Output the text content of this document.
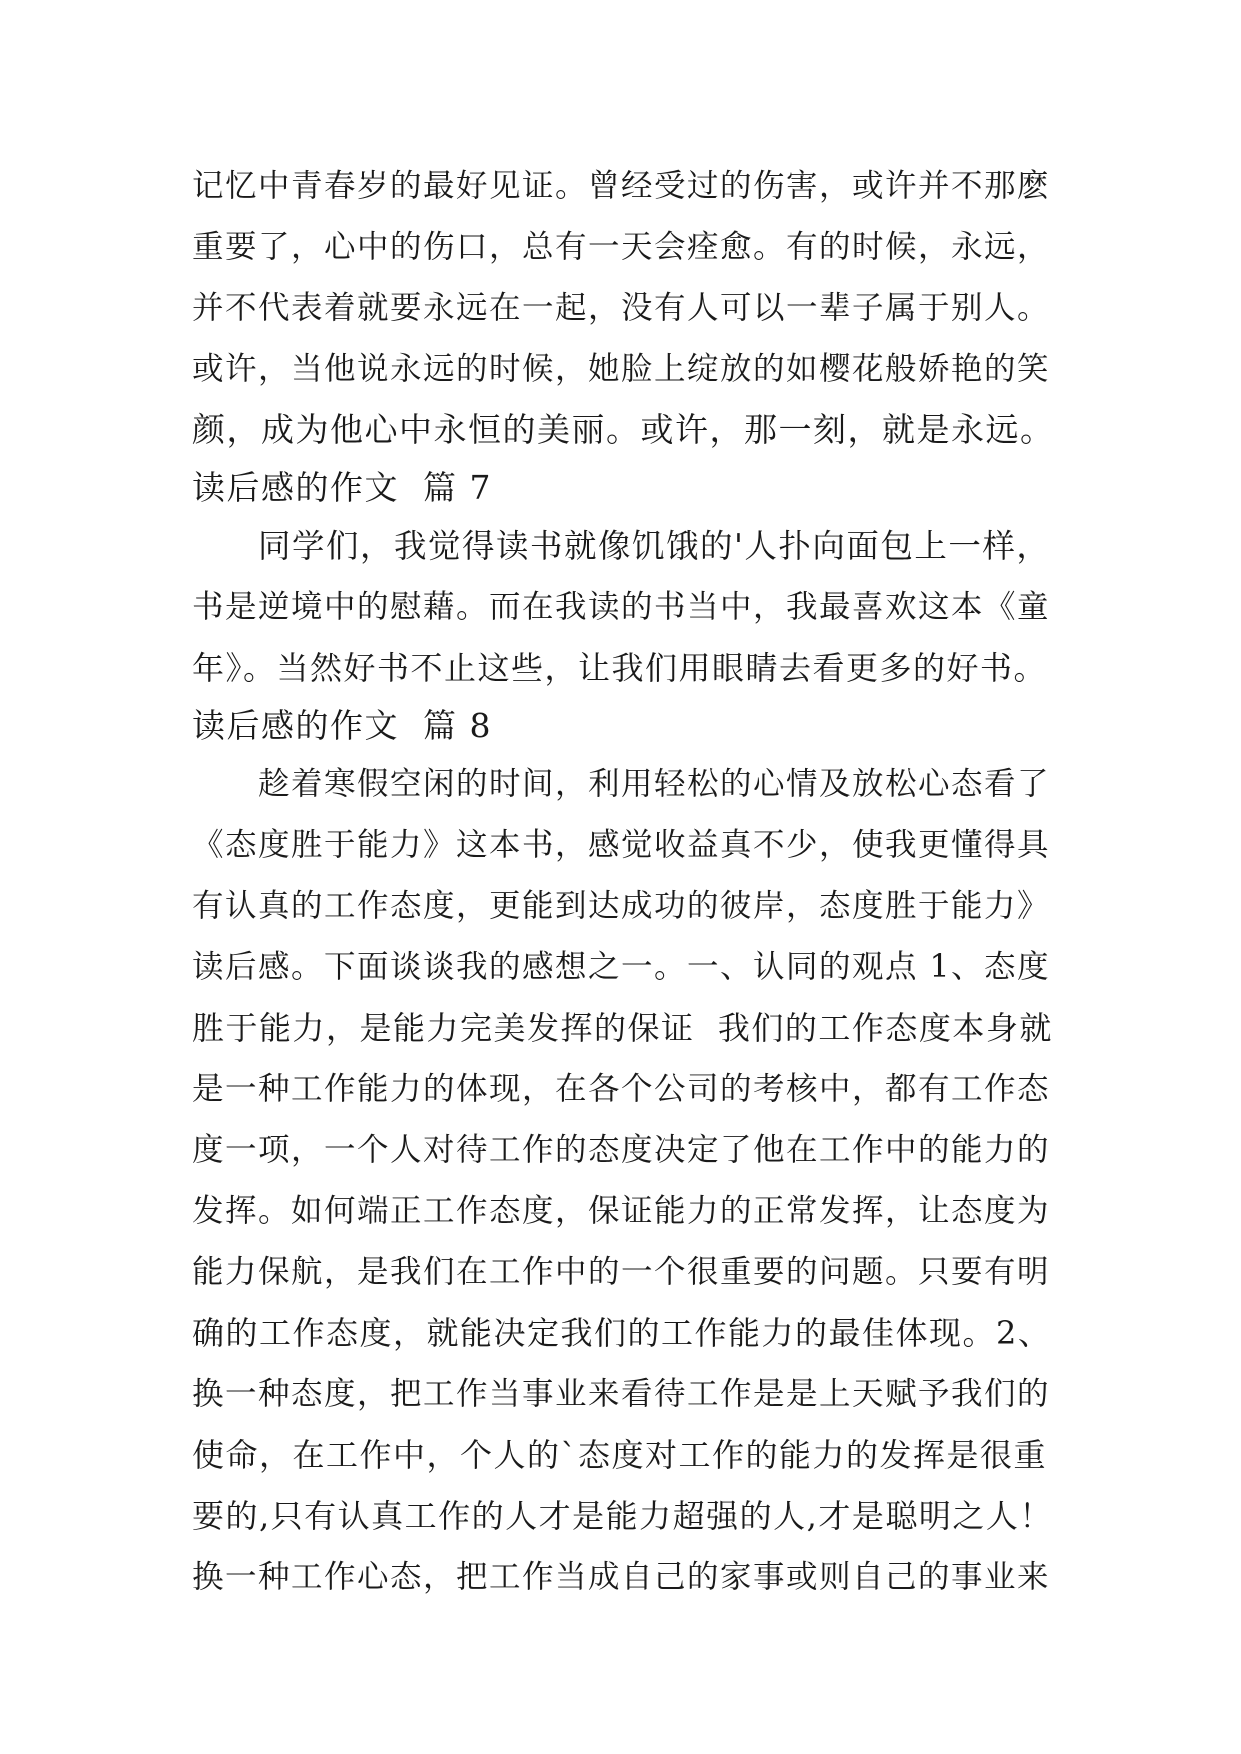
记忆中青春岁的最好见证。曾经受过的伤害，或许并不那麽
重要了，心中的伤口，总有一天会痊愈。有的时候，永远，
并不代表着就要永远在一起，没有人可以一辈子属于别人。
或许，当他说永远的时候，她脸上绽放的如樱花般娇艳的笑
颜，成为他心中永恒的美丽。或许，那一刻，就是永远。
读后感的作文  篇 7
同学们，我觉得读书就像饥饿的'人扑向面包上一样，
书是逆境中的慰藉。而在我读的书当中，我最喜欢这本《童
年》。当然好书不止这些，让我们用眼睛去看更多的好书。
读后感的作文  篇 8
趁着寒假空闲的时间，利用轻松的心情及放松心态看了
《态度胜于能力》这本书，感觉收益真不少，使我更懂得具
有认真的工作态度，更能到达成功的彼岸，态度胜于能力》
读后感。下面谈谈我的感想之一。一、认同的观点 1、态度
胜于能力，是能力完美发挥的保证  我们的工作态度本身就
是一种工作能力的体现，在各个公司的考核中，都有工作态
度一项，一个人对待工作的态度决定了他在工作中的能力的
发挥。如何端正工作态度，保证能力的正常发挥，让态度为
能力保航，是我们在工作中的一个很重要的问题。只要有明
确的工作态度，就能决定我们的工作能力的最佳体现。2、
换一种态度，把工作当事业来看待工作是是上天赋予我们的
使命，在工作中，个人的`态度对工作的能力的发挥是很重
要的,只有认真工作的人才是能力超强的人,才是聪明之人！
换一种工作心态，把工作当成自己的家事或则自己的事业来
